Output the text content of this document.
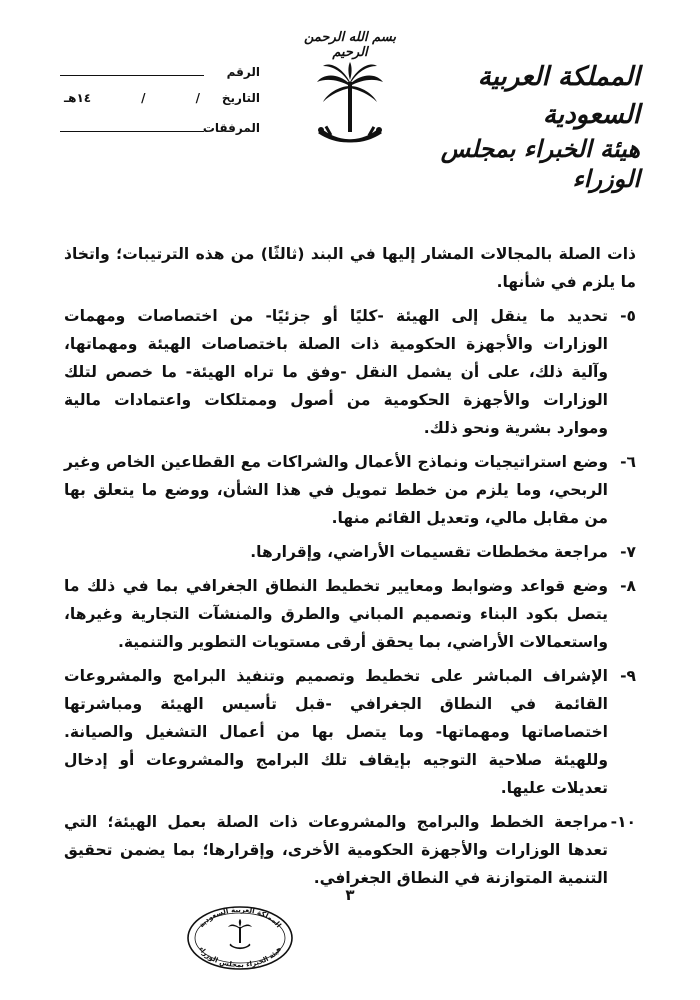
بسم الله الرحمن الرحيم
المملكة العربية السعودية
هيئة الخبراء بمجلس الوزراء
الرقم
التاريخ
/
/
١٤هـ
المرفقات

ذات الصلة بالمجالات المشار إليها في البند (ثالثًا) من هذه الترتيبات؛ واتخاذ ما يلزم في شأنها.

٥-
تحديد ما ينقل إلى الهيئة -كليًا أو جزئيًا- من اختصاصات ومهمات الوزارات والأجهزة الحكومية ذات الصلة باختصاصات الهيئة ومهماتها، وآلية ذلك، على أن يشمل النقل -وفق ما تراه الهيئة- ما خصص لتلك الوزارات والأجهزة الحكومية من أصول وممتلكات واعتمادات مالية وموارد بشرية ونحو ذلك.
٦-
وضع استراتيجيات ونماذج الأعمال والشراكات مع القطاعين الخاص وغير الربحي، وما يلزم من خطط تمويل في هذا الشأن، ووضع ما يتعلق بها من مقابل مالي، وتعديل القائم منها.
٧-
مراجعة مخططات تقسيمات الأراضي، وإقرارها.
٨-
وضع قواعد وضوابط ومعايير تخطيط النطاق الجغرافي بما في ذلك ما يتصل بكود البناء وتصميم المباني والطرق والمنشآت التجارية وغيرها، واستعمالات الأراضي، بما يحقق أرقى مستويات التطوير والتنمية.
٩-
الإشراف المباشر على تخطيط وتصميم وتنفيذ البرامج والمشروعات القائمة في النطاق الجغرافي -قبل تأسيس الهيئة ومباشرتها اختصاصاتها ومهماتها- وما يتصل بها من أعمال التشغيل والصيانة. وللهيئة صلاحية التوجيه بإيقاف تلك البرامج والمشروعات أو إدخال تعديلات عليها.
١٠-
مراجعة الخطط والبرامج والمشروعات ذات الصلة بعمل الهيئة؛ التي تعدها الوزارات والأجهزة الحكومية الأخرى، وإقرارها؛ بما يضمن تحقيق التنمية المتوازنة في النطاق الجغرافي.
٣
المملكة العربية السعودية
هيئة الخبراء بمجلس الوزراء
